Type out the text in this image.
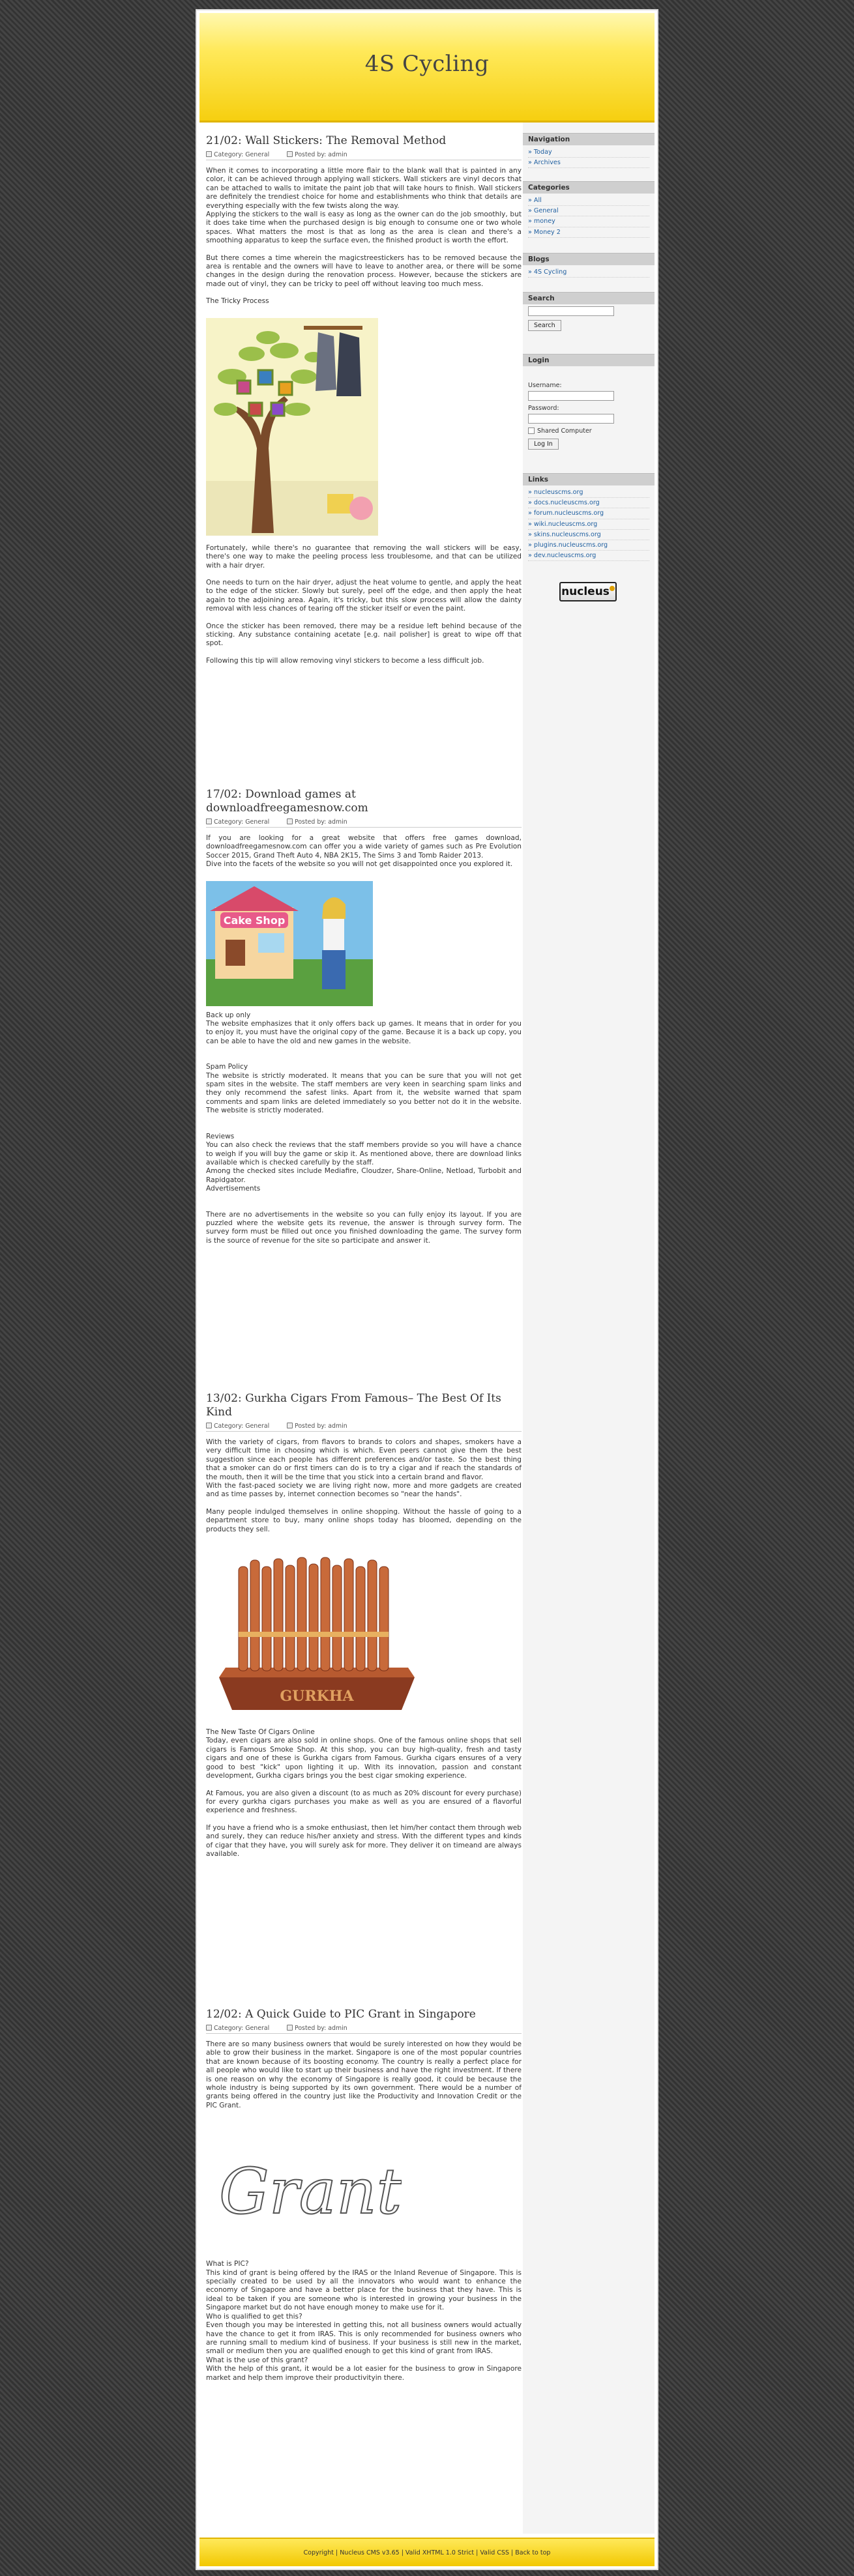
4S Cycling
21/02: Wall Stickers: The Removal Method
Category: General	Posted by: admin

When it comes to incorporating a little more flair to the blank wall that is painted in any color, it can be achieved through applying wall stickers. Wall stickers are vinyl decors that can be attached to walls to imitate the paint job that will take hours to finish. Wall stickers are definitely the trendiest choice for home and establishments who think that details are everything especially with the few twists along the way.

Applying the stickers to the wall is easy as long as the owner can do the job smoothly, but it does take time when the purchased design is big enough to consume one or two whole spaces. What matters the most is that as long as the area is clean and there's a smoothing apparatus to keep the surface even, the finished product is worth the effort.

But there comes a time wherein the magicstreestickers has to be removed because the area is rentable and the owners will have to leave to another area, or there will be some changes in the design during the renovation process. However, because the stickers are made out of vinyl, they can be tricky to peel off without leaving too much mess.

The Tricky Process

Fortunately, while there's no guarantee that removing the wall stickers will be easy, there's one way to make the peeling process less troublesome, and that can be utilized with a hair dryer.

One needs to turn on the hair dryer, adjust the heat volume to gentle, and apply the heat to the edge of the sticker. Slowly but surely, peel off the edge, and then apply the heat again to the adjoining area. Again, it's tricky, but this slow process will allow the dainty removal with less chances of tearing off the sticker itself or even the paint.

Once the sticker has been removed, there may be a residue left behind because of the sticking. Any substance containing acetate [e.g. nail polisher] is great to wipe off that spot.

Following this tip will allow removing vinyl stickers to become a less difficult job.

17/02: Download games at downloadfreegamesnow.com
Category: General	Posted by: admin

If you are looking for a great website that offers free games download, downloadfreegamesnow.com can offer you a wide variety of games such as Pre Evolution Soccer 2015, Grand Theft Auto 4, NBA 2K15, The Sims 3 and Tomb Raider 2013.

Dive into the facets of the website so you will not get disappointed once you explored it.

Cake Shop

Back up only

The website emphasizes that it only offers back up games. It means that in order for you to enjoy it, you must have the original copy of the game. Because it is a back up copy, you can be able to have the old and new games in the website.

Spam Policy

The website is strictly moderated. It means that you can be sure that you will not get spam sites in the website. The staff members are very keen in searching spam links and they only recommend the safest links. Apart from it, the website warned that spam comments and spam links are deleted immediately so you better not do it in the website. The website is strictly moderated.

Reviews

You can also check the reviews that the staff members provide so you will have a chance to weigh if you will buy the game or skip it. As mentioned above, there are download links available which is checked carefully by the staff.

Among the checked sites include Mediafire, Cloudzer, Share-Online, Netload, Turbobit and Rapidgator.

Advertisements

There are no advertisements in the website so you can fully enjoy its layout. If you are puzzled where the website gets its revenue, the answer is through survey form. The survey form must be filled out once you finished downloading the game. The survey form is the source of revenue for the site so participate and answer it.

13/02: Gurkha Cigars From Famous– The Best Of Its Kind
Category: General	Posted by: admin

With the variety of cigars, from flavors to brands to colors and shapes, smokers have a very difficult time in choosing which is which. Even peers cannot give them the best suggestion since each people has different preferences and/or taste. So the best thing that a smoker can do or first timers can do is to try a cigar and if reach the standards of the mouth, then it will be the time that you stick into a certain brand and flavor.

With the fast-paced society we are living right now, more and more gadgets are created and as time passes by, internet connection becomes so "near the hands".

Many people indulged themselves in online shopping. Without the hassle of going to a department store to buy, many online shops today has bloomed, depending on the products they sell.

GURKHA

The New Taste Of Cigars Online

Today, even cigars are also sold in online shops. One of the famous online shops that sell cigars is Famous Smoke Shop. At this shop, you can buy high-quality, fresh and tasty cigars and one of these is Gurkha cigars from Famous. Gurkha cigars ensures of a very good to best "kick" upon lighting it up. With its innovation, passion and constant development, Gurkha cigars brings you the best cigar smoking experience.

At Famous, you are also given a discount (to as much as 20% discount for every purchase) for every gurkha cigars purchases you make as well as you are ensured of a flavorful experience and freshness.

If you have a friend who is a smoke enthusiast, then let him/her contact them through web and surely, they can reduce his/her anxiety and stress. With the different types and kinds of cigar that they have, you will surely ask for more. They deliver it on timeand are always available.

12/02: A Quick Guide to PIC Grant in Singapore
Category: General	Posted by: admin

There are so many business owners that would be surely interested on how they would be able to grow their business in the market. Singapore is one of the most popular countries that are known because of its boosting economy. The country is really a perfect place for all people who would like to start up their business and have the right investment. If there is one reason on why the economy of Singapore is really good, it could be because the whole industry is being supported by its own government. There would be a number of grants being offered in the country just like the Productivity and Innovation Credit or the PIC Grant.

Grant

What is PIC?

This kind of grant is being offered by the IRAS or the Inland Revenue of Singapore. This is specially created to be used by all the innovators who would want to enhance the economy of Singapore and have a better place for the business that they have. This is ideal to be taken if you are someone who is interested in growing your business in the Singapore market but do not have enough money to make use for it.

Who is qualified to get this?

Even though you may be interested in getting this, not all business owners would actually have the chance to get it from IRAS. This is only recommended for business owners who are running small to medium kind of business. If your business is still new in the market, small or medium then you are qualified enough to get this kind of grant from IRAS.

What is the use of this grant?

With the help of this grant, it would be a lot easier for the business to grow in Singapore market and help them improve their productivityin there.

Navigation
» Today
» Archives
Categories
» All
» General
» money
» Money 2
Blogs
» 4S Cycling
Search
Search
Login
Username:
Password:
Shared Computer
Log In
Links
» nucleuscms.org
» docs.nucleuscms.org
» forum.nucleuscms.org
» wiki.nucleuscms.org
» skins.nucleuscms.org
» plugins.nucleuscms.org
» dev.nucleuscms.org
nucleus
Copyright | Nucleus CMS v3.65 | Valid XHTML 1.0 Strict | Valid CSS | Back to top
